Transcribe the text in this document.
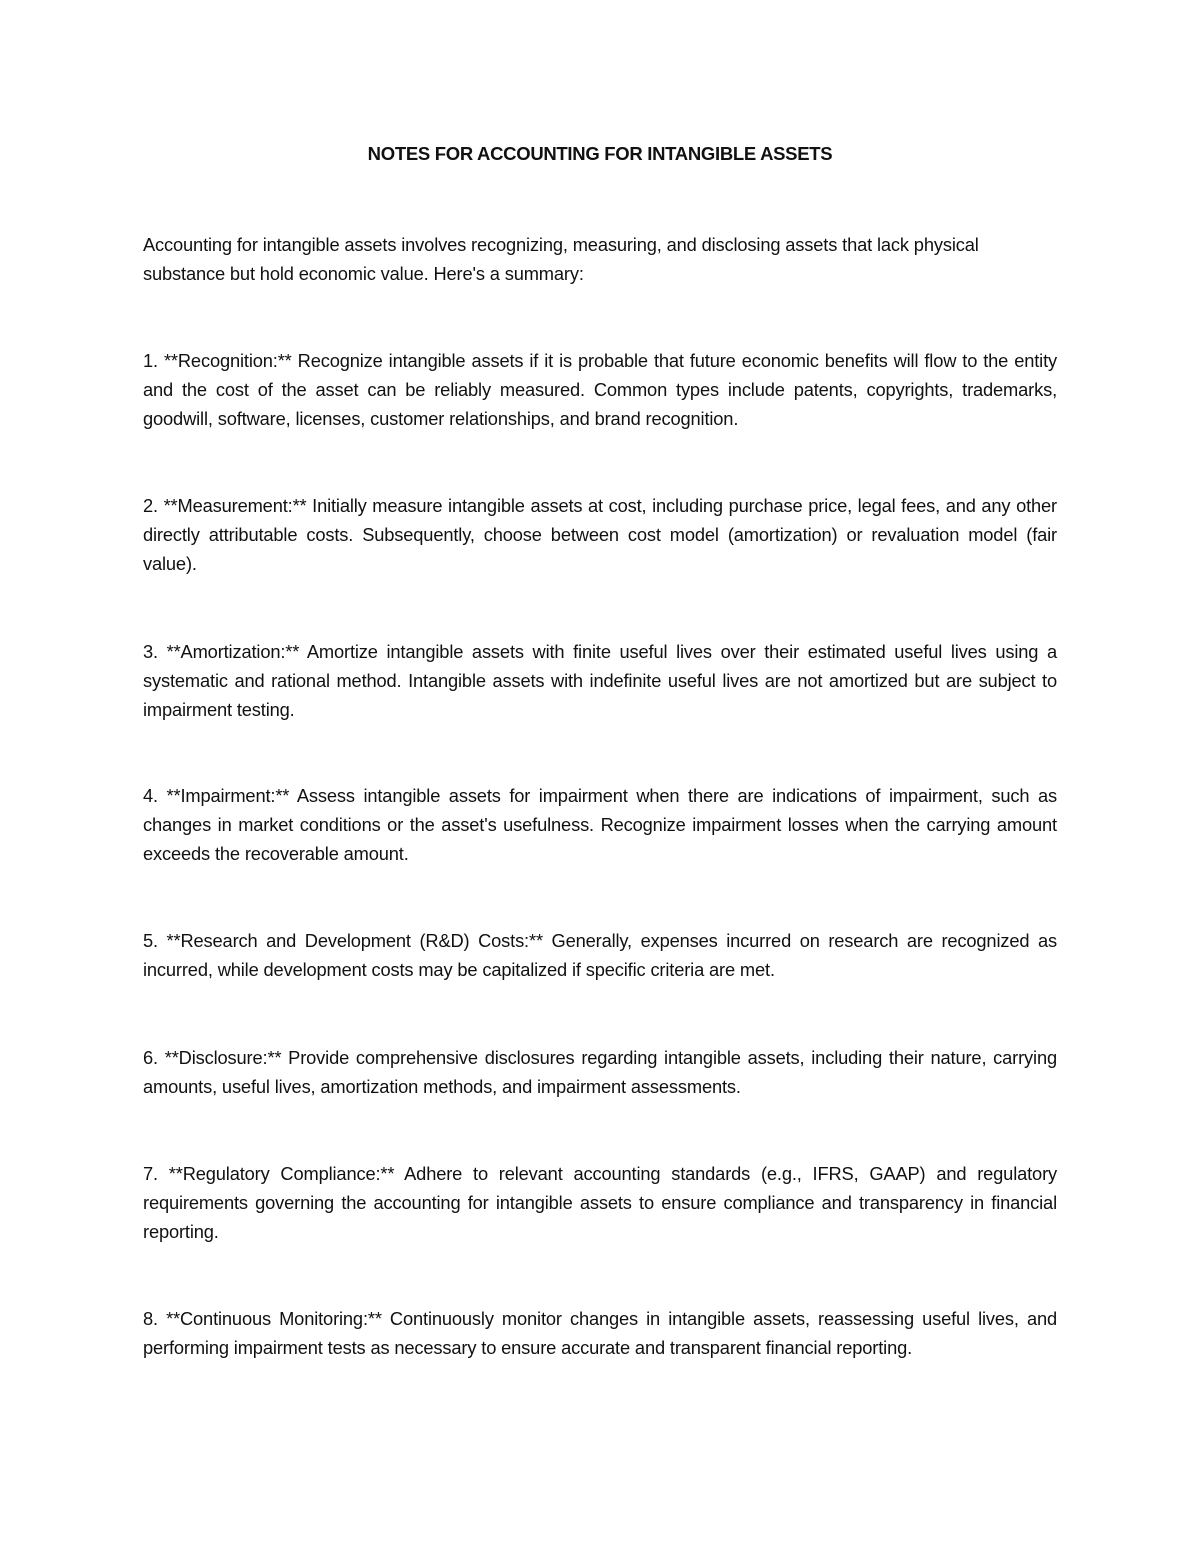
NOTES FOR ACCOUNTING FOR INTANGIBLE ASSETS

Accounting for intangible assets involves recognizing, measuring, and disclosing assets that lack physical substance but hold economic value. Here's a summary:

1. **Recognition:** Recognize intangible assets if it is probable that future economic benefits will flow to the entity and the cost of the asset can be reliably measured. Common types include patents, copyrights, trademarks, goodwill, software, licenses, customer relationships, and brand recognition.

2. **Measurement:** Initially measure intangible assets at cost, including purchase price, legal fees, and any other directly attributable costs. Subsequently, choose between cost model (amortization) or revaluation model (fair value).

3. **Amortization:** Amortize intangible assets with finite useful lives over their estimated useful lives using a systematic and rational method. Intangible assets with indefinite useful lives are not amortized but are subject to impairment testing.

4. **Impairment:** Assess intangible assets for impairment when there are indications of impairment, such as changes in market conditions or the asset's usefulness. Recognize impairment losses when the carrying amount exceeds the recoverable amount.

5. **Research and Development (R&D) Costs:** Generally, expenses incurred on research are recognized as incurred, while development costs may be capitalized if specific criteria are met.

6. **Disclosure:** Provide comprehensive disclosures regarding intangible assets, including their nature, carrying amounts, useful lives, amortization methods, and impairment assessments.

7. **Regulatory Compliance:** Adhere to relevant accounting standards (e.g., IFRS, GAAP) and regulatory requirements governing the accounting for intangible assets to ensure compliance and transparency in financial reporting.

8. **Continuous Monitoring:** Continuously monitor changes in intangible assets, reassessing useful lives, and performing impairment tests as necessary to ensure accurate and transparent financial reporting.
